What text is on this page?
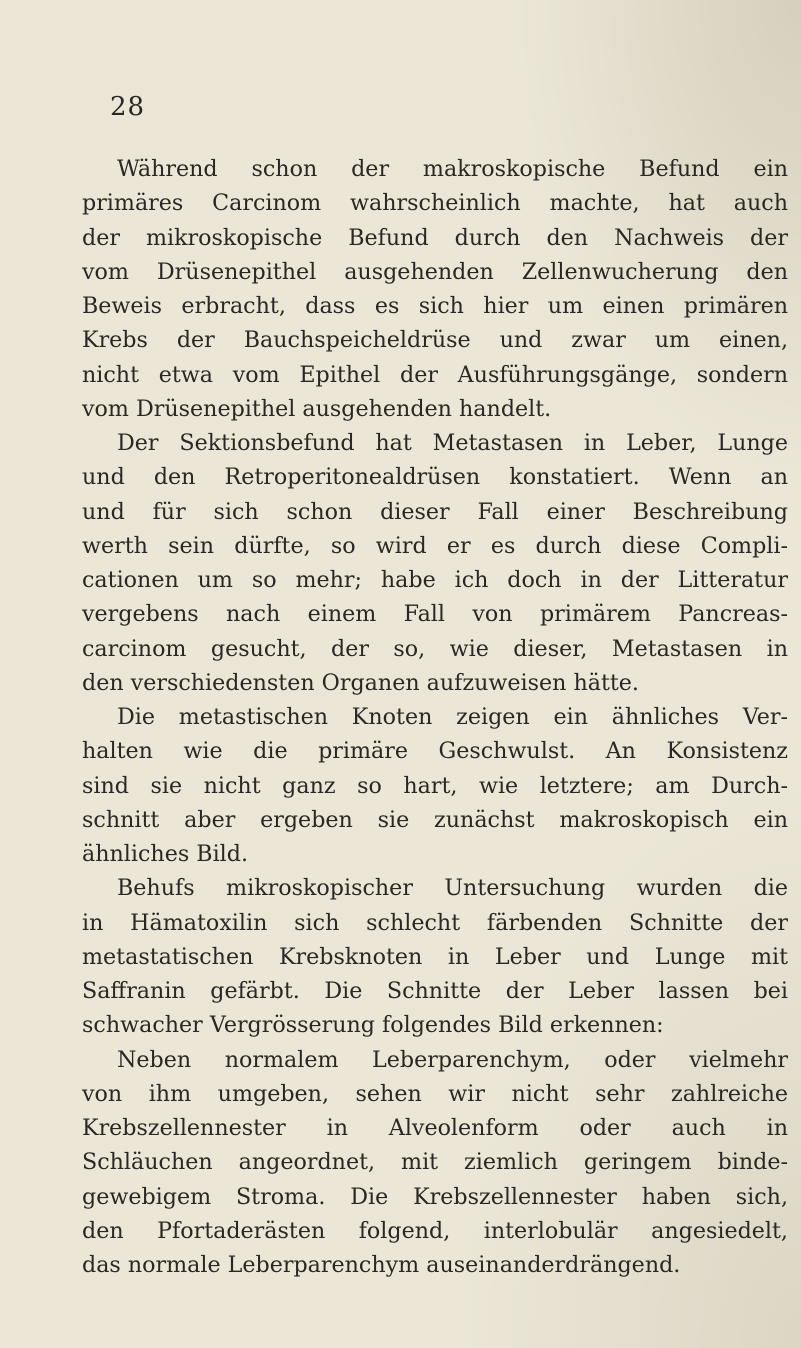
28
Während schon der makroskopische Befund ein
primäres Carcinom wahrscheinlich machte, hat auch
der mikroskopische Befund durch den Nachweis der
vom Drüsenepithel ausgehenden Zellenwucherung den
Beweis erbracht, dass es sich hier um einen primären
Krebs der Bauchspeicheldrüse und zwar um einen,
nicht etwa vom Epithel der Ausführungsgänge, sondern
vom Drüsenepithel ausgehenden handelt.
Der Sektionsbefund hat Metastasen in Leber, Lunge
und den Retroperitonealdrüsen konstatiert. Wenn an
und für sich schon dieser Fall einer Beschreibung
werth sein dürfte, so wird er es durch diese Compli-
cationen um so mehr; habe ich doch in der Litteratur
vergebens nach einem Fall von primärem Pancreas-
carcinom gesucht, der so, wie dieser, Metastasen in
den verschiedensten Organen aufzuweisen hätte.
Die metastischen Knoten zeigen ein ähnliches Ver-
halten wie die primäre Geschwulst. An Konsistenz
sind sie nicht ganz so hart, wie letztere; am Durch-
schnitt aber ergeben sie zunächst makroskopisch ein
ähnliches Bild.
Behufs mikroskopischer Untersuchung wurden die
in Hämatoxilin sich schlecht färbenden Schnitte der
metastatischen Krebsknoten in Leber und Lunge mit
Saffranin gefärbt. Die Schnitte der Leber lassen bei
schwacher Vergrösserung folgendes Bild erkennen:
Neben normalem Leberparenchym, oder vielmehr
von ihm umgeben, sehen wir nicht sehr zahlreiche
Krebszellennester in Alveolenform oder auch in
Schläuchen angeordnet, mit ziemlich geringem binde-
gewebigem Stroma. Die Krebszellennester haben sich,
den Pfortaderästen folgend, interlobulär angesiedelt,
das normale Leberparenchym auseinanderdrängend.
